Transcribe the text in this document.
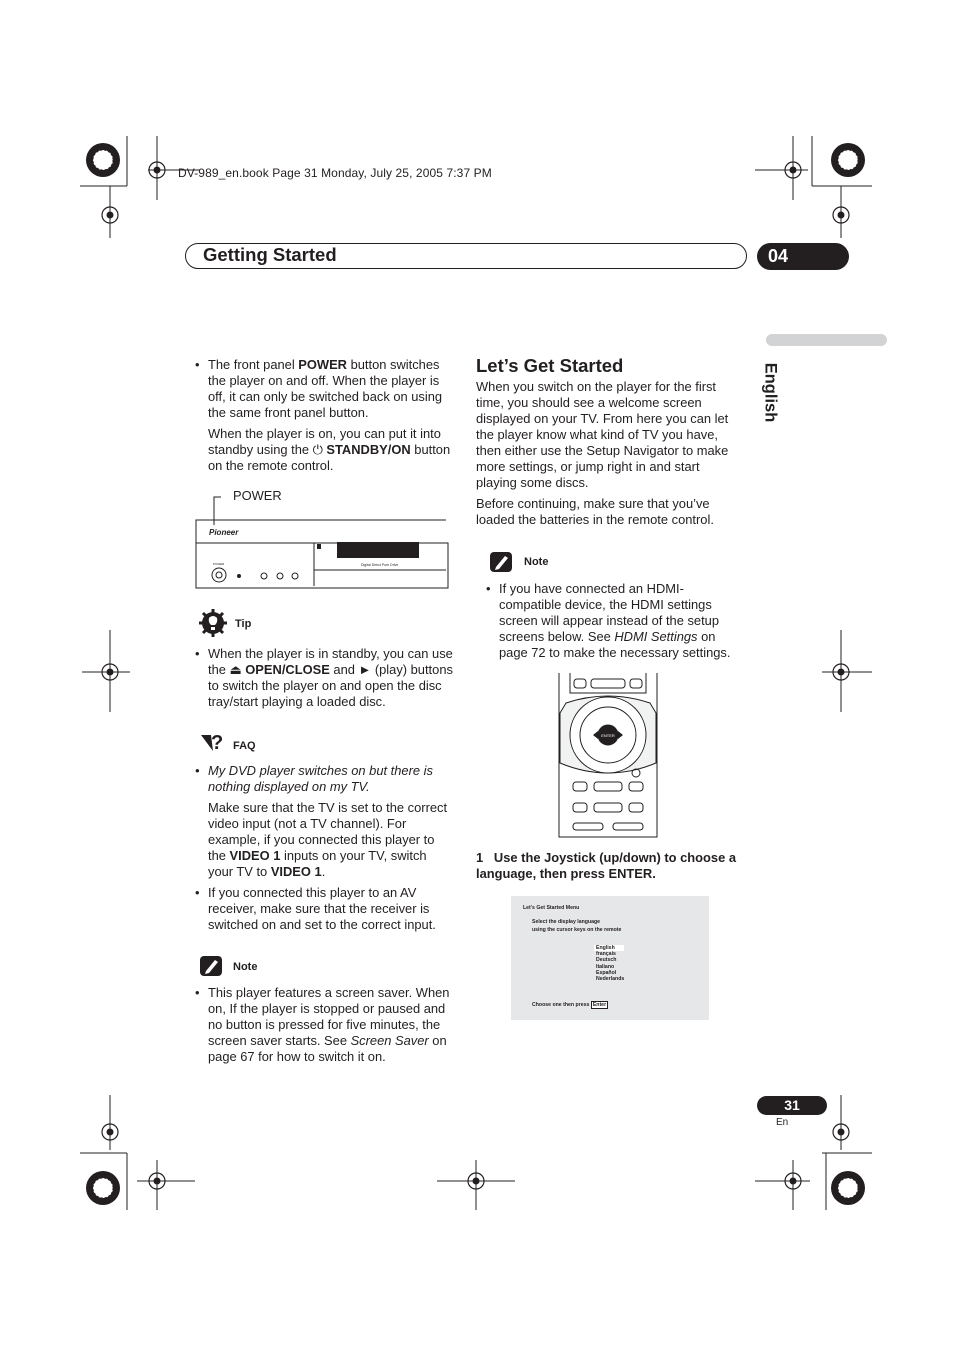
DV-989_en.book Page 31 Monday, July 25, 2005 7:37 PM
Getting Started	04
English
• The front panel POWER button switches the player on and off. When the player is off, it can only be switched back on using the same front panel button.
When the player is on, you can put it into standby using the ⏻ STANDBY/ON button on the remote control.
POWER
Pioneer
Digital Direct Pure Drive
POWER
Tip
• When the player is in standby, you can use the ⏏ OPEN/CLOSE and ► (play) buttons to switch the player on and open the disc tray/start playing a loaded disc.
? FAQ
• My DVD player switches on but there is nothing displayed on my TV.
Make sure that the TV is set to the correct video input (not a TV channel). For example, if you connected this player to the VIDEO 1 inputs on your TV, switch your TV to VIDEO 1.
• If you connected this player to an AV receiver, make sure that the receiver is switched on and set to the correct input.
Note
• This player features a screen saver. When on, If the player is stopped or paused and no button is pressed for five minutes, the screen saver starts. See Screen Saver on page 67 for how to switch it on.
Let’s Get Started
When you switch on the player for the first time, you should see a welcome screen displayed on your TV. From here you can let the player know what kind of TV you have, then either use the Setup Navigator to make more settings, or jump right in and start playing some discs.
Before continuing, make sure that you’ve loaded the batteries in the remote control.
Note
• If you have connected an HDMI-compatible device, the HDMI settings screen will appear instead of the setup screens below. See HDMI Settings on page 72 to make the necessary settings.
ENTER
1 Use the Joystick (up/down) to choose a language, then press ENTER.
Let’s Get Started Menu
Select the display language
using the cursor keys on the remote
English
français
Deutsch
Italiano
Español
Nederlands
Choose one then press Enter
31
En
